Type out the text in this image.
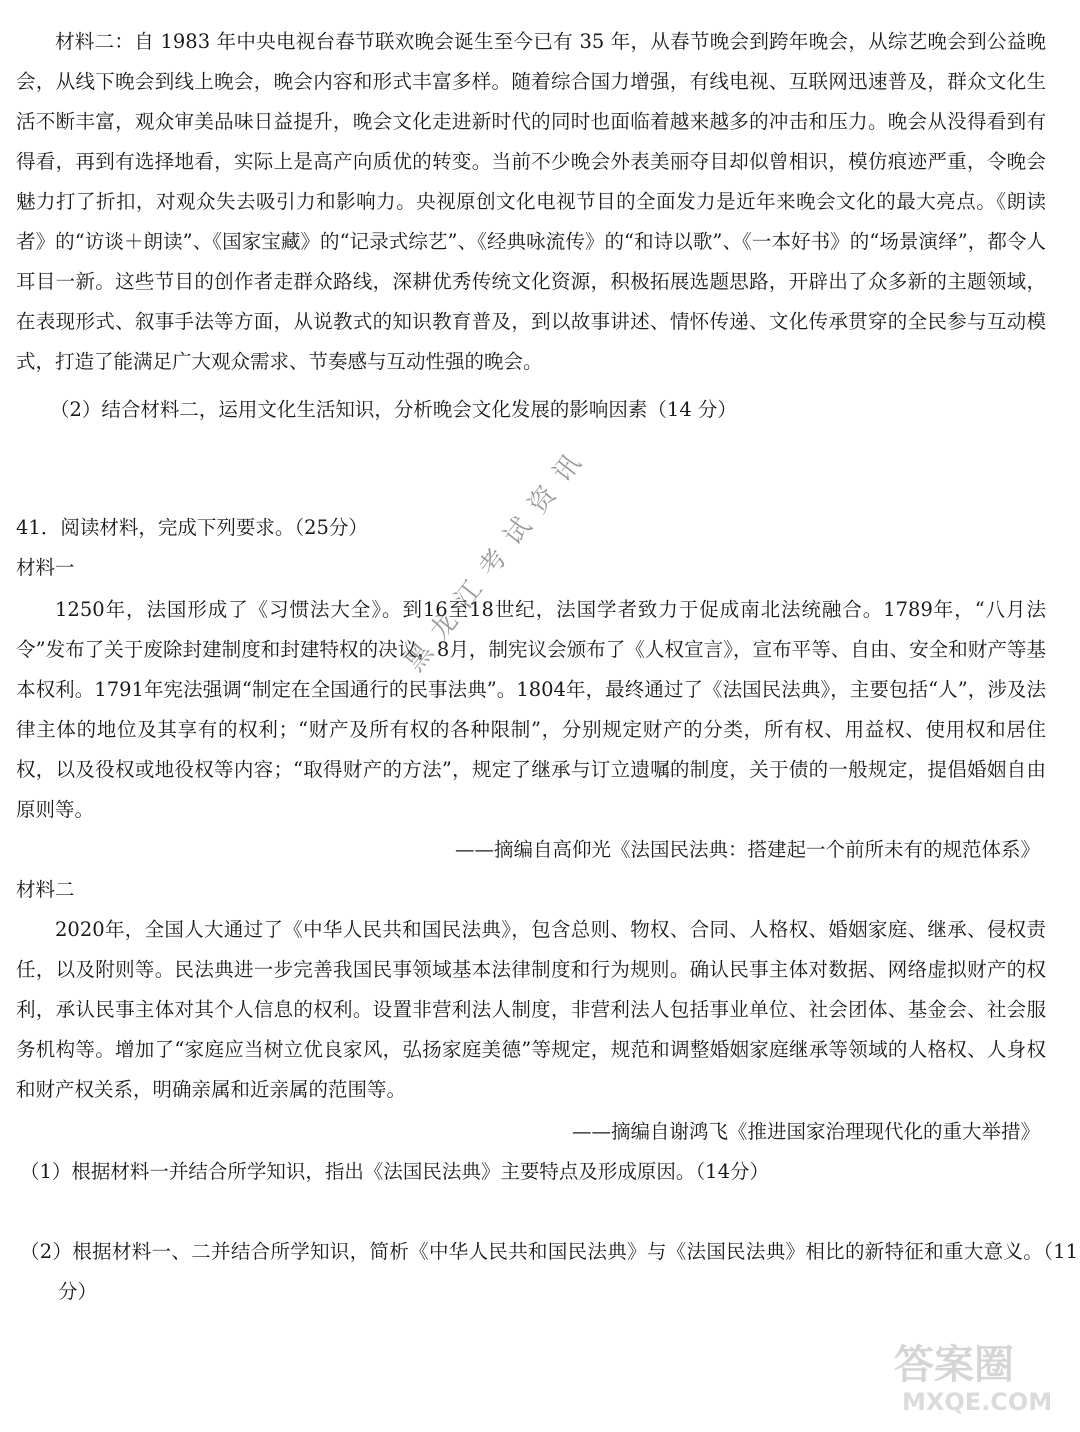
材料二：自 1983 年中央电视台春节联欢晚会诞生至今已有 35 年，从春节晚会到跨年晚会，从综艺晚会到公益晚会，从线下晚会到线上晚会，晚会内容和形式丰富多样。随着综合国力增强，有线电视、互联网迅速普及，群众文化生活不断丰富，观众审美品味日益提升，晚会文化走进新时代的同时也面临着越来越多的冲击和压力。晚会从没得看到有得看，再到有选择地看，实际上是高产向质优的转变。当前不少晚会外表美丽夺目却似曾相识，模仿痕迹严重，令晚会魅力打了折扣，对观众失去吸引力和影响力。央视原创文化电视节目的全面发力是近年来晚会文化的最大亮点。《朗读者》的“访谈＋朗读”、《国家宝藏》的“记录式综艺”、《经典咏流传》的“和诗以歌”、《一本好书》的“场景演绎”，都令人耳目一新。这些节目的创作者走群众路线，深耕优秀传统文化资源，积极拓展选题思路，开辟出了众多新的主题领域，在表现形式、叙事手法等方面，从说教式的知识教育普及，到以故事讲述、情怀传递、文化传承贯穿的全民参与互动模式，打造了能满足广大观众需求、节奏感与互动性强的晚会。

（2）结合材料二，运用文化生活知识，分析晚会文化发展的影响因素（14 分）

41．阅读材料，完成下列要求。（25分）

材料一

1250年，法国形成了《习惯法大全》。到16至18世纪，法国学者致力于促成南北法统融合。1789年，“八月法令”发布了关于废除封建制度和封建特权的决议，8月，制宪议会颁布了《人权宣言》，宣布平等、自由、安全和财产等基本权利。1791年宪法强调“制定在全国通行的民事法典”。1804年，最终通过了《法国民法典》，主要包括“人”，涉及法律主体的地位及其享有的权利；“财产及所有权的各种限制”，分别规定财产的分类，所有权、用益权、使用权和居住权，以及役权或地役权等内容；“取得财产的方法”，规定了继承与订立遗嘱的制度，关于债的一般规定，提倡婚姻自由原则等。

——摘编自高仰光《法国民法典：搭建起一个前所未有的规范体系》

材料二

2020年，全国人大通过了《中华人民共和国民法典》，包含总则、物权、合同、人格权、婚姻家庭、继承、侵权责任，以及附则等。民法典进一步完善我国民事领域基本法律制度和行为规则。确认民事主体对数据、网络虚拟财产的权利，承认民事主体对其个人信息的权利。设置非营利法人制度，非营利法人包括事业单位、社会团体、基金会、社会服务机构等。增加了“家庭应当树立优良家风，弘扬家庭美德”等规定，规范和调整婚姻家庭继承等领域的人格权、人身权和财产权关系，明确亲属和近亲属的范围等。

——摘编自谢鸿飞《推进国家治理现代化的重大举措》

（1）根据材料一并结合所学知识，指出《法国民法典》主要特点及形成原因。（14分）

（2）根据材料一、二并结合所学知识，简析《中华人民共和国民法典》与《法国民法典》相比的新特征和重大意义。（11分）

黑龙江考试资讯
答案圈
MXQE.COM
